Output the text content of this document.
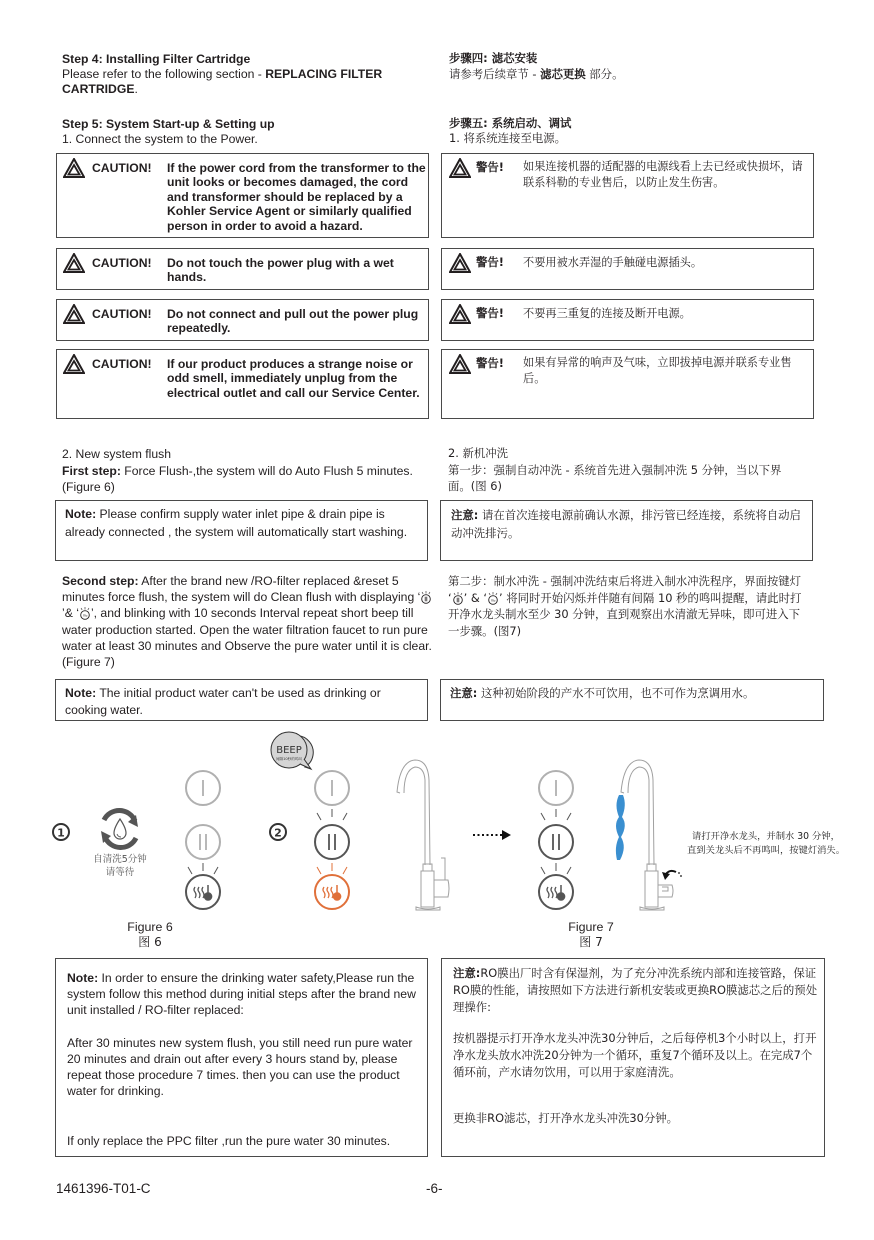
Step 4: Installing Filter Cartridge
Please refer to the following section - REPLACING FILTER CARTRIDGE.
步骤四: 滤芯安装
请参考后续章节 - 滤芯更换 部分。
Step 5: System Start-up & Setting up
1. Connect the system to the Power.
步骤五: 系统启动、调试
1. 将系统连接至电源。
CAUTION! If the power cord from the transformer to the unit looks or becomes damaged, the cord and transformer should be replaced by a Kohler Service Agent or similarly qualified person in order to avoid a hazard.
CAUTION! Do not touch the power plug with a wet hands.
CAUTION! Do not connect and pull out the power plug repeatedly.
CAUTION! If our product produces a strange noise or odd smell, immediately unplug from the electrical outlet and call our Service Center.
警告! 如果连接机器的适配器的电源线看上去已经或快损坏，请联系科勒的专业售后，以防止发生伤害。
警告! 不要用被水弄湿的手触碰电源插头。
警告! 不要再三重复的连接及断开电源。
警告! 如果有异常的响声及气味，立即拔掉电源并联系专业售后。
2. New system flush
First step: Force Flush-,the system will do Auto Flush 5 minutes.(Figure 6)
Note: Please confirm supply water inlet pipe & drain pipe is already connected , the system will automatically start washing.
Second step: After the brand new /RO-filter replaced &reset 5 minutes force flush, the system will do Clean flush with displaying ‘’& ‘ ≀≀ь ’, and blinking with 10 seconds Interval repeat short beep till water production started. Open the water filtration faucet to run pure water at least 30 minutes and Observe the pure water until it is clear. (Figure 7)
Note: The initial product water can't be used as drinking or cooking water.
2. 新机冲洗
第一步：强制自动冲洗 - 系统首先进入强制冲洗 5 分钟，当以下界面。(图 6)
注意: 请在首次连接电源前确认水源，排污管已经连接，系统将自动启动冲洗排污。
第二步：制水冲洗 - 强制冲洗结束后将进入制水冲洗程序，界面按键灯 ‘ ’ & ‘ ≀≀ь ’ 将同时开始闪烁并伴随有间隔 10 秒的鸣叫提醒，请此时打开净水龙头制水至少 30 分钟，直到观察出水清澈无异味，即可进入下一步骤。(图7)
注意: 这种初始阶段的产水不可饮用，也不可作为烹调用水。
1
自清洗5分钟
请等待
2
BEEP
间隔10秒的鸣叫
请打开净水龙头，并制水 30 分钟，
直到关龙头后不再鸣叫，按键灯消失。
Figure 6
图 6
Figure 7
图 7
Note: In order to ensure the drinking water safety,Please run the system follow this method during initial steps after the brand new unit installed / RO-filter replaced:
After 30 minutes new system flush, you still need run pure water 20 minutes and drain out after every 3 hours stand by, please repeat those procedure 7 times. then you can use the product water for drinking.
If only replace the PPC filter ,run the pure water 30 minutes.
注意:RO膜出厂时含有保湿剂，为了充分冲洗系统内部和连接管路，保证RO膜的性能，请按照如下方法进行新机安装或更换RO膜滤芯之后的预处理操作:
按机器提示打开净水龙头冲洗30分钟后，之后每停机3个小时以上，打开净水龙头放水冲洗20分钟为一个循环，重复7个循环及以上。在完成7个循环前，产水请勿饮用，可以用于家庭清洗。
更换非RO滤芯，打开净水龙头冲洗30分钟。
1461396-T01-C	-6-
